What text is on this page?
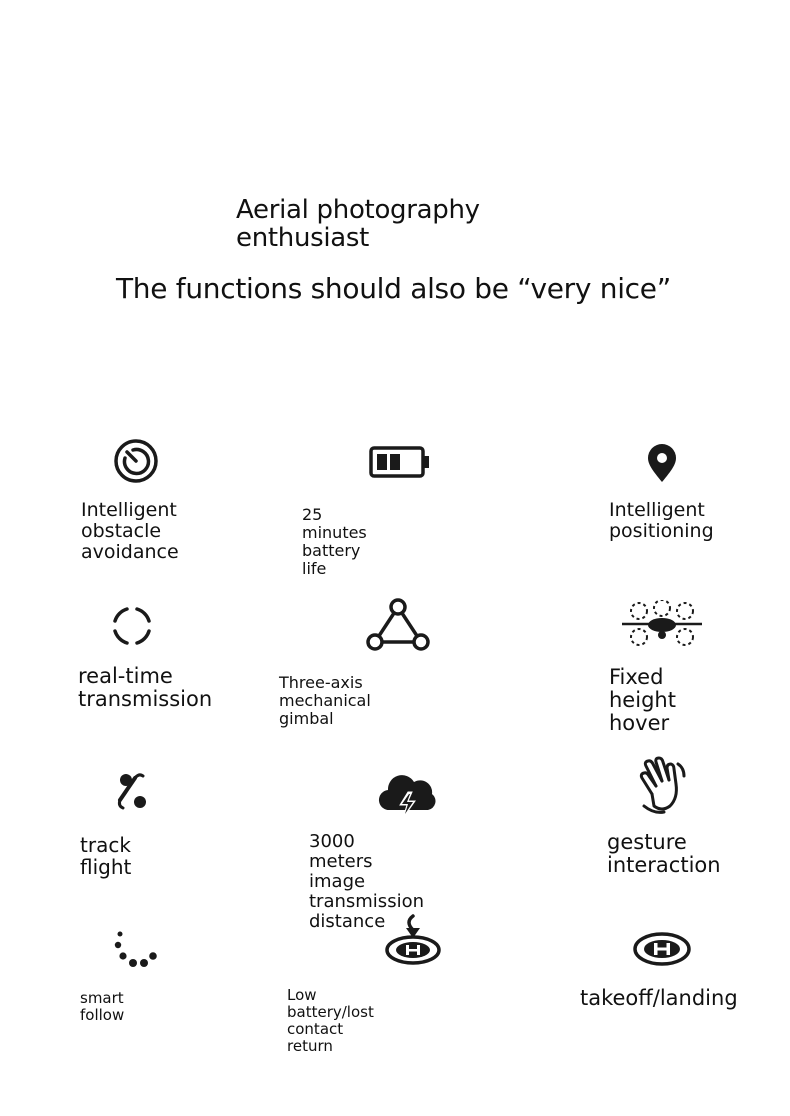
Aerial photography
enthusiast
The functions should also be “very nice”
Intelligent
obstacle
avoidance
25 minutes battery life
Intelligent
positioning
real-time
transmission
Three-axis mechanical gimbal
Fixed height
hover
track flight
3000 meters image
transmission distance
gesture
interaction
smart follow
Low battery/lost contact return
takeoff/landing
